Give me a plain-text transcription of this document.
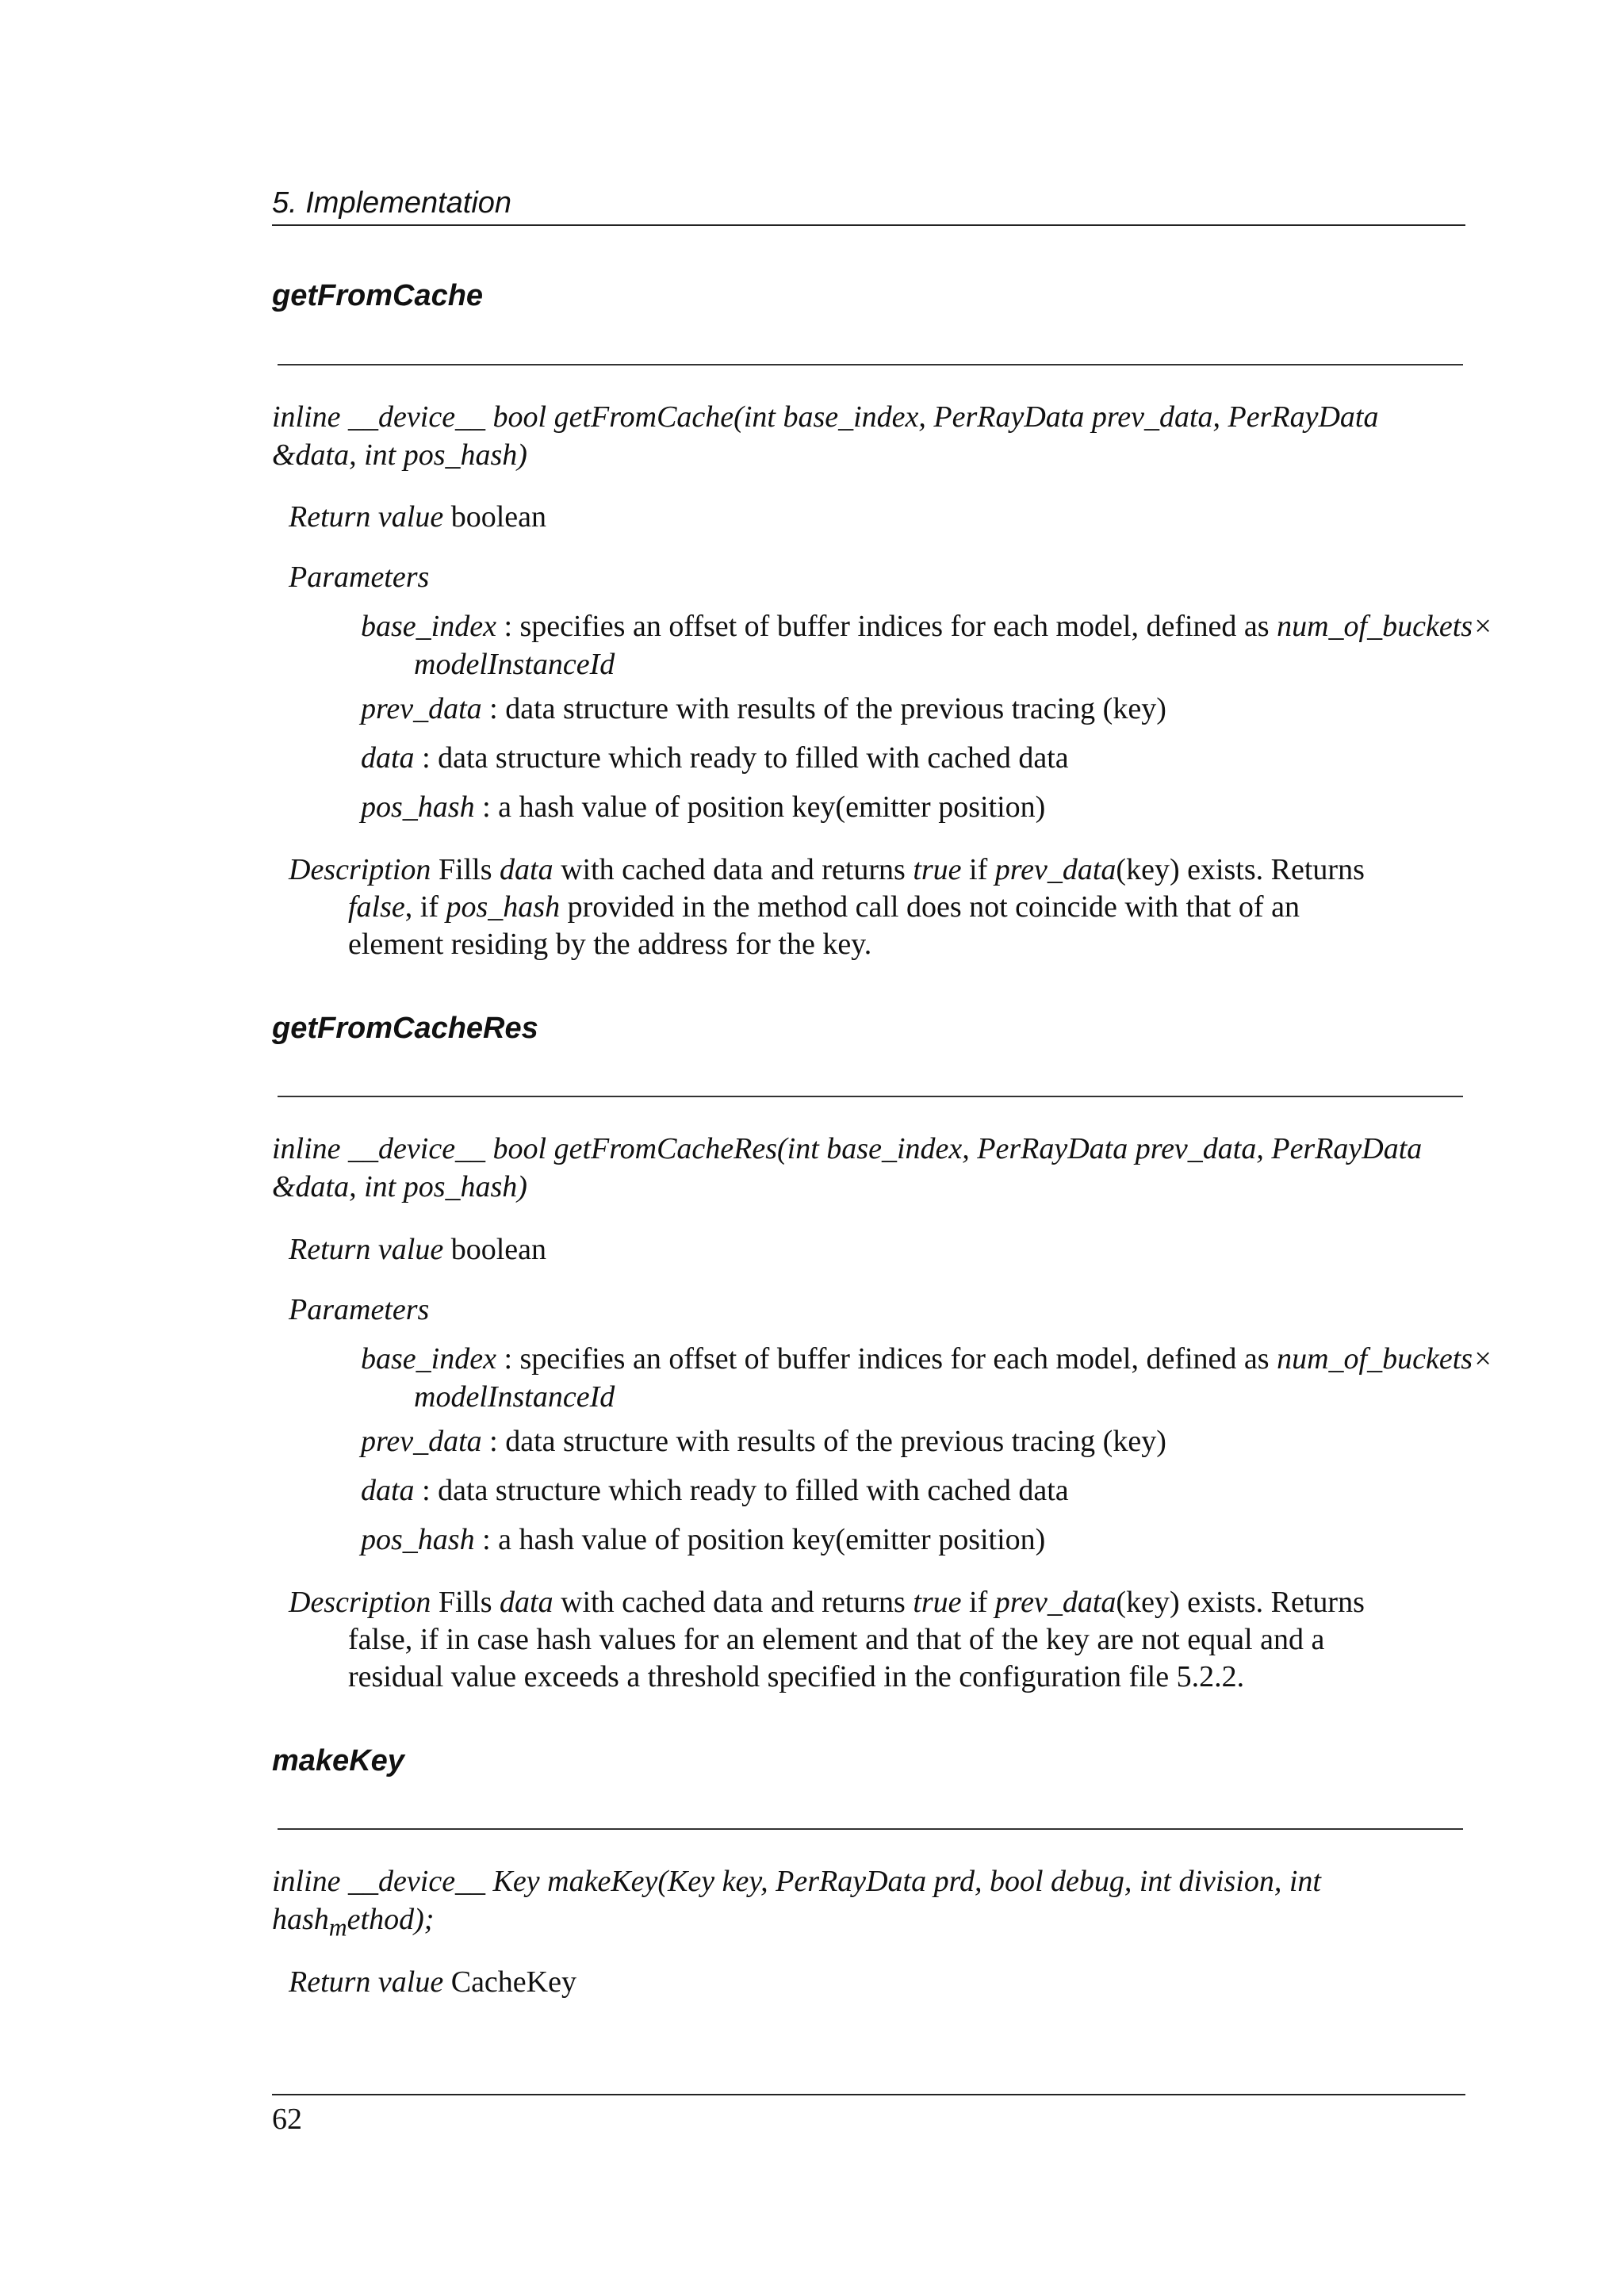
5. Implementation
getFromCache
inline __device__ bool getFromCache(int base_index, PerRayData prev_data, PerRayData
&data, int pos_hash)
Return value boolean
Parameters
base_index : specifies an offset of buffer indices for each model, defined as num_of_buckets×
modelInstanceId
prev_data : data structure with results of the previous tracing (key)
data : data structure which ready to filled with cached data
pos_hash : a hash value of position key(emitter position)
Description Fills data with cached data and returns true if prev_data(key) exists. Returns
false, if pos_hash provided in the method call does not coincide with that of an
element residing by the address for the key.
getFromCacheRes
inline __device__ bool getFromCacheRes(int base_index, PerRayData prev_data, PerRayData
&data, int pos_hash)
Return value boolean
Parameters
base_index : specifies an offset of buffer indices for each model, defined as num_of_buckets×
modelInstanceId
prev_data : data structure with results of the previous tracing (key)
data : data structure which ready to filled with cached data
pos_hash : a hash value of position key(emitter position)
Description Fills data with cached data and returns true if prev_data(key) exists. Returns
false, if in case hash values for an element and that of the key are not equal and a
residual value exceeds a threshold specified in the configuration file 5.2.2.
makeKey
inline __device__ Key makeKey(Key key, PerRayData prd, bool debug, int division, int
hash$_m$ethod);
Return value CacheKey
62
